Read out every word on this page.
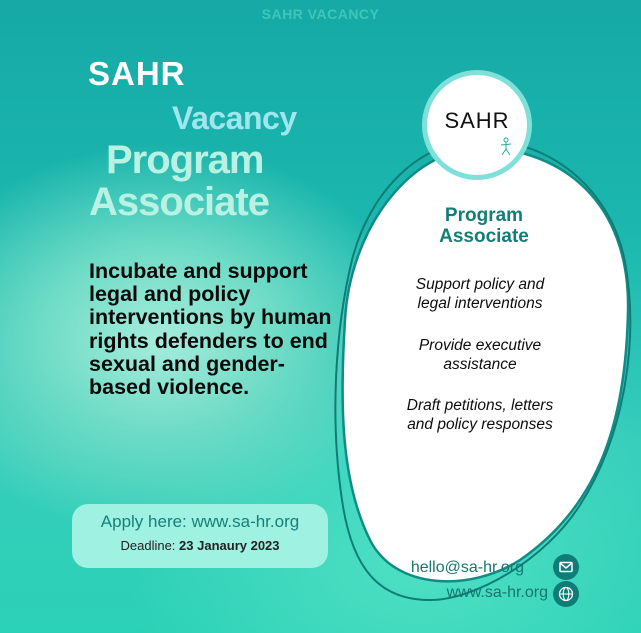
SAHR VACANCY
SAHR
Vacancy
Program
Associate
Incubate and support legal and policy interventions by human rights defenders to end sexual and gender-based violence.
Apply here: www.sa-hr.org
Deadline: 23 Janaury 2023
SAHR
Program
Associate
Support policy and
legal interventions
Provide executive
assistance
Draft petitions, letters
and policy responses
hello@sa-hr.org
www.sa-hr.org
